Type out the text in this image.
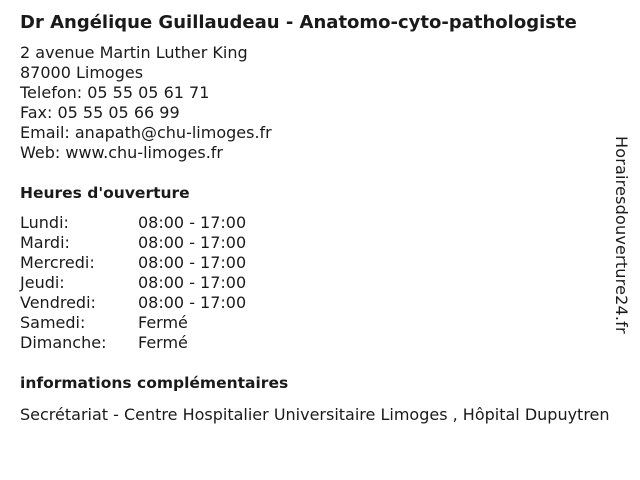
Dr Angélique Guillaudeau - Anatomo-cyto-pathologiste
2 avenue Martin Luther King
87000 Limoges
Telefon: 05 55 05 61 71
Fax: 05 55 05 66 99
Email: anapath@chu-limoges.fr
Web: www.chu-limoges.fr
Heures d'ouverture
Lundi:	08:00 - 17:00
Mardi:	08:00 - 17:00
Mercredi:	08:00 - 17:00
Jeudi:	08:00 - 17:00
Vendredi:	08:00 - 17:00
Samedi:	Fermé
Dimanche:	Fermé
informations complémentaires
Secrétariat - Centre Hospitalier Universitaire Limoges , Hôpital Dupuytren
Horairesdouverture24.fr
